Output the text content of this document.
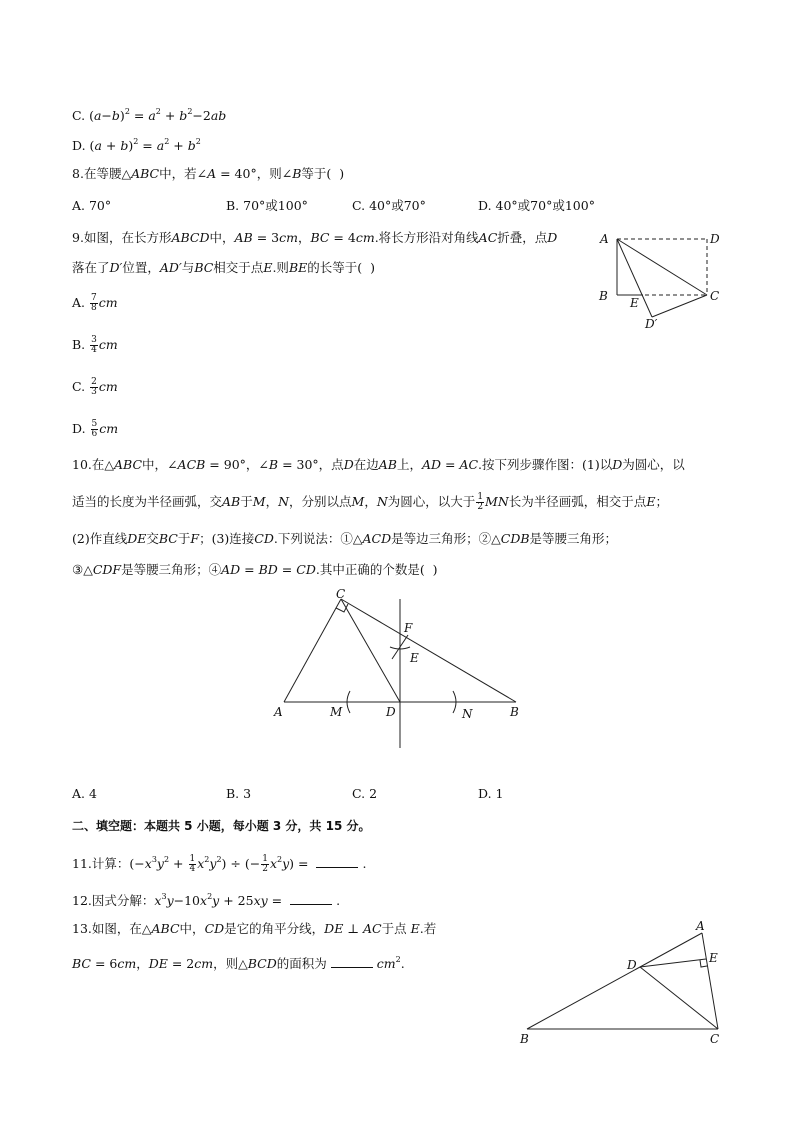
C. $(a-b)^2 = a^2 + b^2-2ab$
D. $(a + b)^2 = a^2 + b^2$
8.在等腰△ABC中，若∠A = 40°，则∠B等于(  )
A. 70°	B. 70°或100°	C. 40°或70°	D. 40°或70°或100°
9.如图，在长方形ABCD中，AB = 3cm，BC = 4cm.将长方形沿对角线AC折叠，点D
落在了D′位置，AD′与BC相交于点E.则BE的长等于(  )
A. $\frac{7}{8}$ cm
B. $\frac{3}{4}$ cm
C. $\frac{2}{3}$ cm
D. $\frac{5}{6}$ cm
A	D
B	C
E
D′
10.在△ABC中，∠ACB = 90°，∠B = 30°，点D在边AB上，AD = AC.按下列步骤作图：(1)以D为圆心，以
适当的长度为半径画弧，交AB于M，N，分别以点M，N为圆心，以大于 $\frac{1}{2}$ MN长为半径画弧，相交于点E；
(2)作直线DE交BC于F；(3)连接CD.下列说法：①△ACD是等边三角形；②△CDB是等腰三角形；
③△CDF是等腰三角形；④AD = BD = CD.其中正确的个数是(  )
A	B
C
D
E
F
M	N
A. 4	B. 3	C. 2	D. 1
二、填空题：本题共 5 小题，每小题 3 分，共 15 分。
11.计算：$(-x^3y^2 + \frac{1}{4} x^2y^2)$ ÷ (− $\frac{1}{2} x^2y$) =	.
12.因式分解：$x^3y-10x^2y + 25xy$ =	.
13.如图，在△ABC中，CD是它的角平分线，DE ⊥ AC于点 E.若
BC = 6cm，DE = 2cm，则△BCD的面积为	$cm^2$.
A
B	C
D	E
